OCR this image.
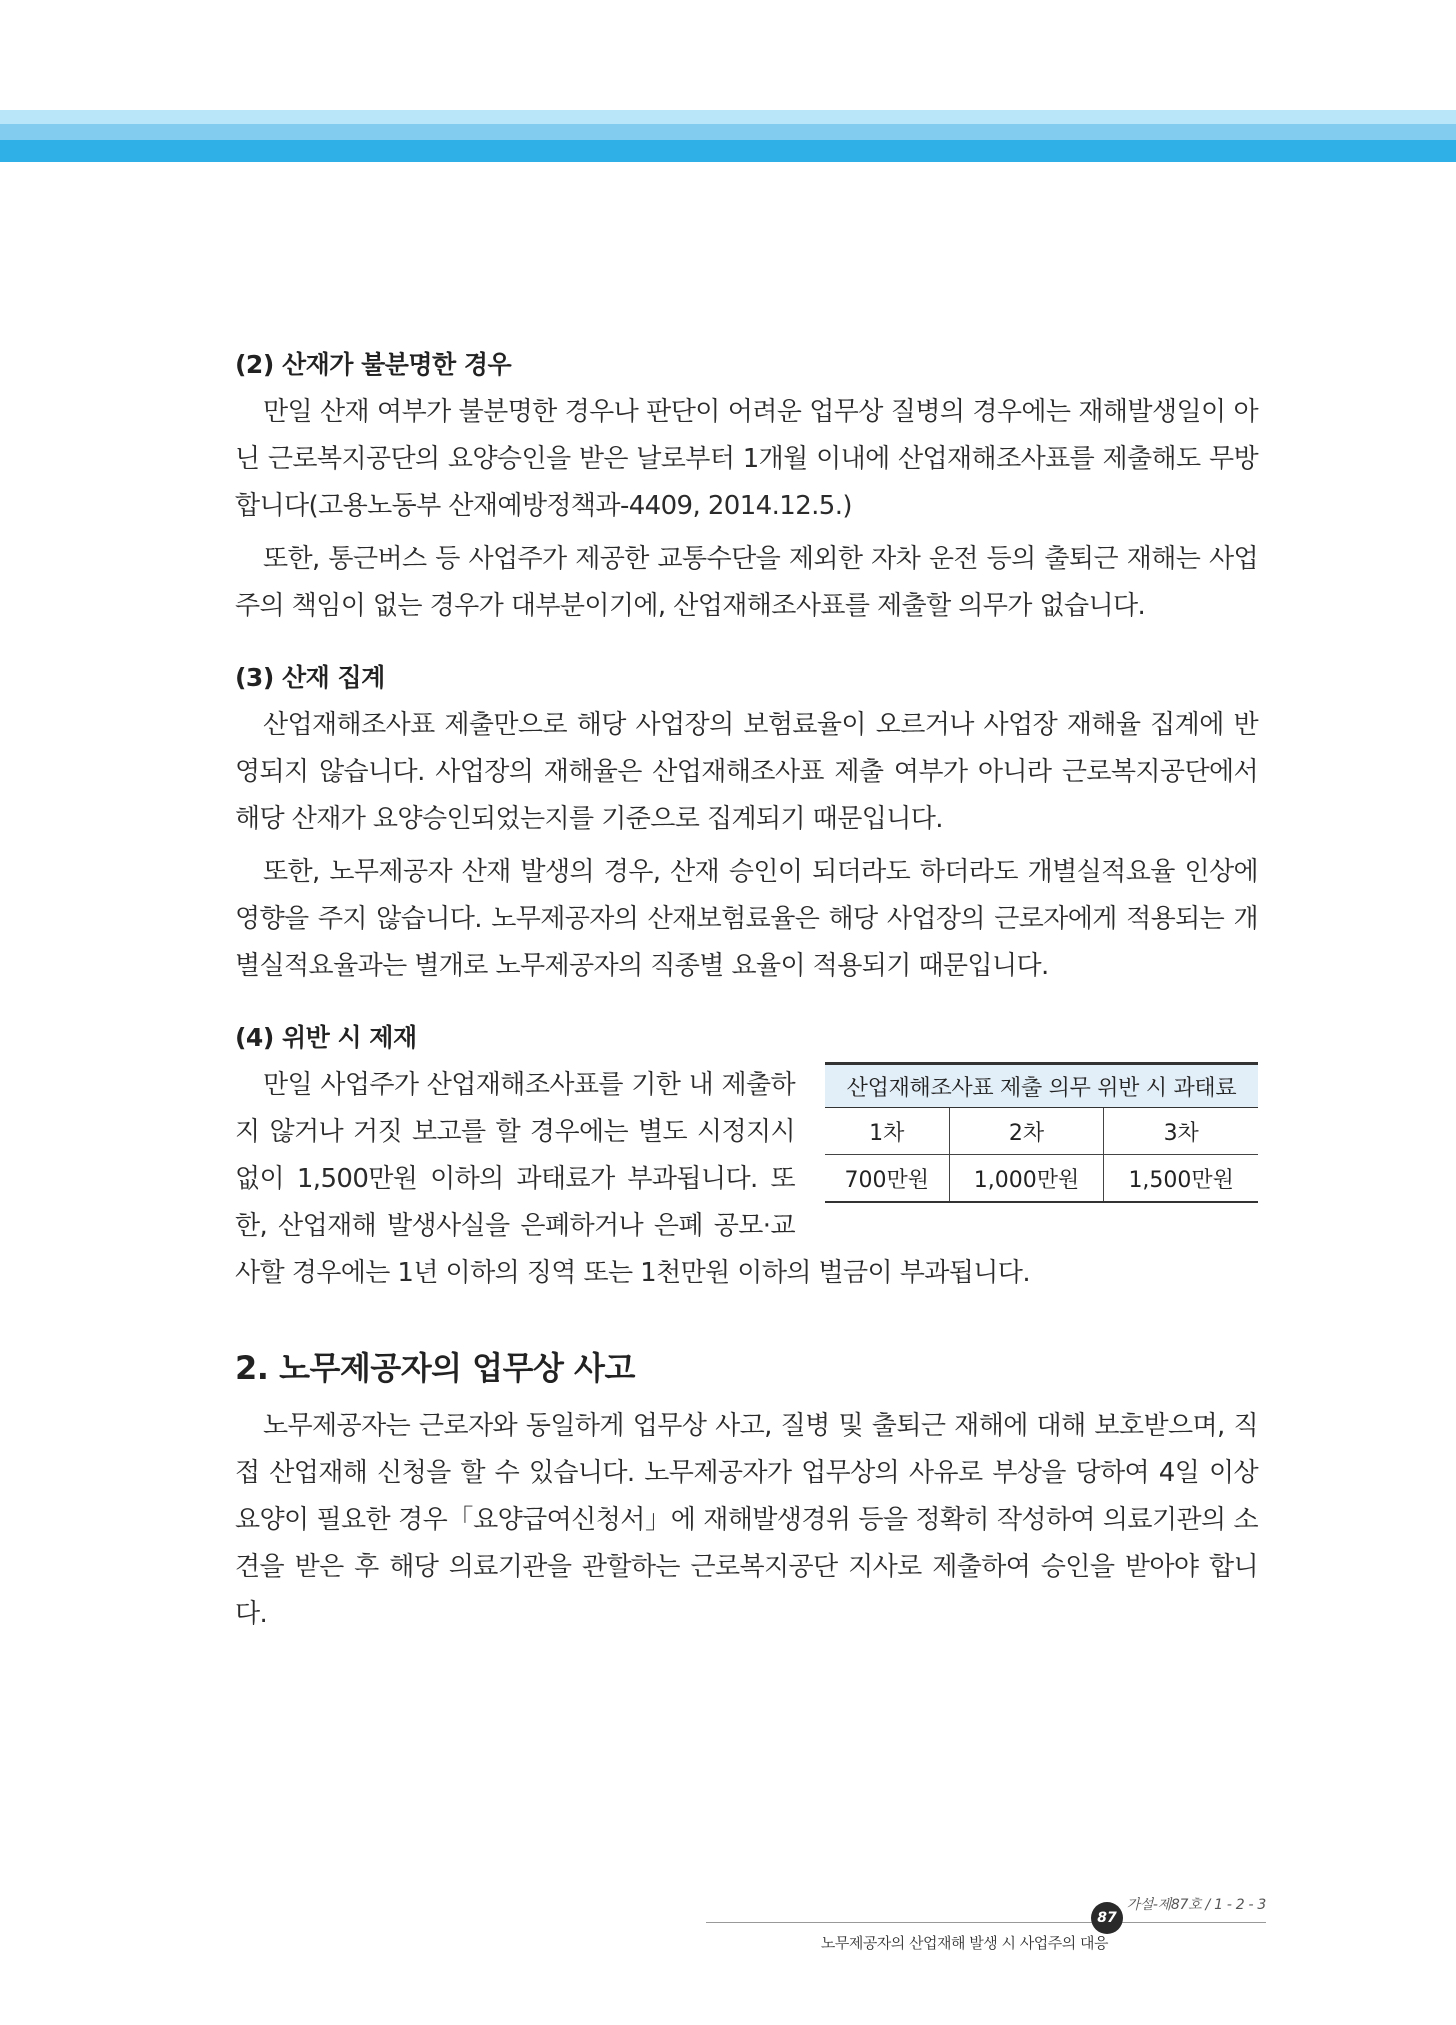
(2) 산재가 불분명한 경우

만일 산재 여부가 불분명한 경우나 판단이 어려운 업무상 질병의 경우에는 재해발생일이 아닌 근로복지공단의 요양승인을 받은 날로부터 1개월 이내에 산업재해조사표를 제출해도 무방합니다(고용노동부 산재예방정책과-4409, 2014.12.5.)

또한, 통근버스 등 사업주가 제공한 교통수단을 제외한 자차 운전 등의 출퇴근 재해는 사업주의 책임이 없는 경우가 대부분이기에, 산업재해조사표를 제출할 의무가 없습니다.

(3) 산재 집계

산업재해조사표 제출만으로 해당 사업장의 보험료율이 오르거나 사업장 재해율 집계에 반영되지 않습니다. 사업장의 재해율은 산업재해조사표 제출 여부가 아니라 근로복지공단에서 해당 산재가 요양승인되었는지를 기준으로 집계되기 때문입니다.

또한, 노무제공자 산재 발생의 경우, 산재 승인이 되더라도 하더라도 개별실적요율 인상에 영향을 주지 않습니다. 노무제공자의 산재보험료율은 해당 사업장의 근로자에게 적용되는 개별실적요율과는 별개로 노무제공자의 직종별 요율이 적용되기 때문입니다.

(4) 위반 시 제재
산업재해조사표 제출 의무 위반 시 과태료		
1차	2차	3차
700만원	1,000만원	1,500만원

만일 사업주가 산업재해조사표를 기한 내 제출하지 않거나 거짓 보고를 할 경우에는 별도 시정지시 없이 1,500만원 이하의 과태료가 부과됩니다. 또한, 산업재해 발생사실을 은폐하거나 은폐 공모·교사할 경우에는 1년 이하의 징역 또는 1천만원 이하의 벌금이 부과됩니다.

2. 노무제공자의 업무상 사고

노무제공자는 근로자와 동일하게 업무상 사고, 질병 및 출퇴근 재해에 대해 보호받으며, 직접 산업재해 신청을 할 수 있습니다. 노무제공자가 업무상의 사유로 부상을 당하여 4일 이상 요양이 필요한 경우「요양급여신청서」에 재해발생경위 등을 정확히 작성하여 의료기관의 소견을 받은 후 해당 의료기관을 관할하는 근로복지공단 지사로 제출하여 승인을 받아야 합니다.

가설-제87호 / 1 - 2 - 3
87
노무제공자의 산업재해 발생 시 사업주의 대응
